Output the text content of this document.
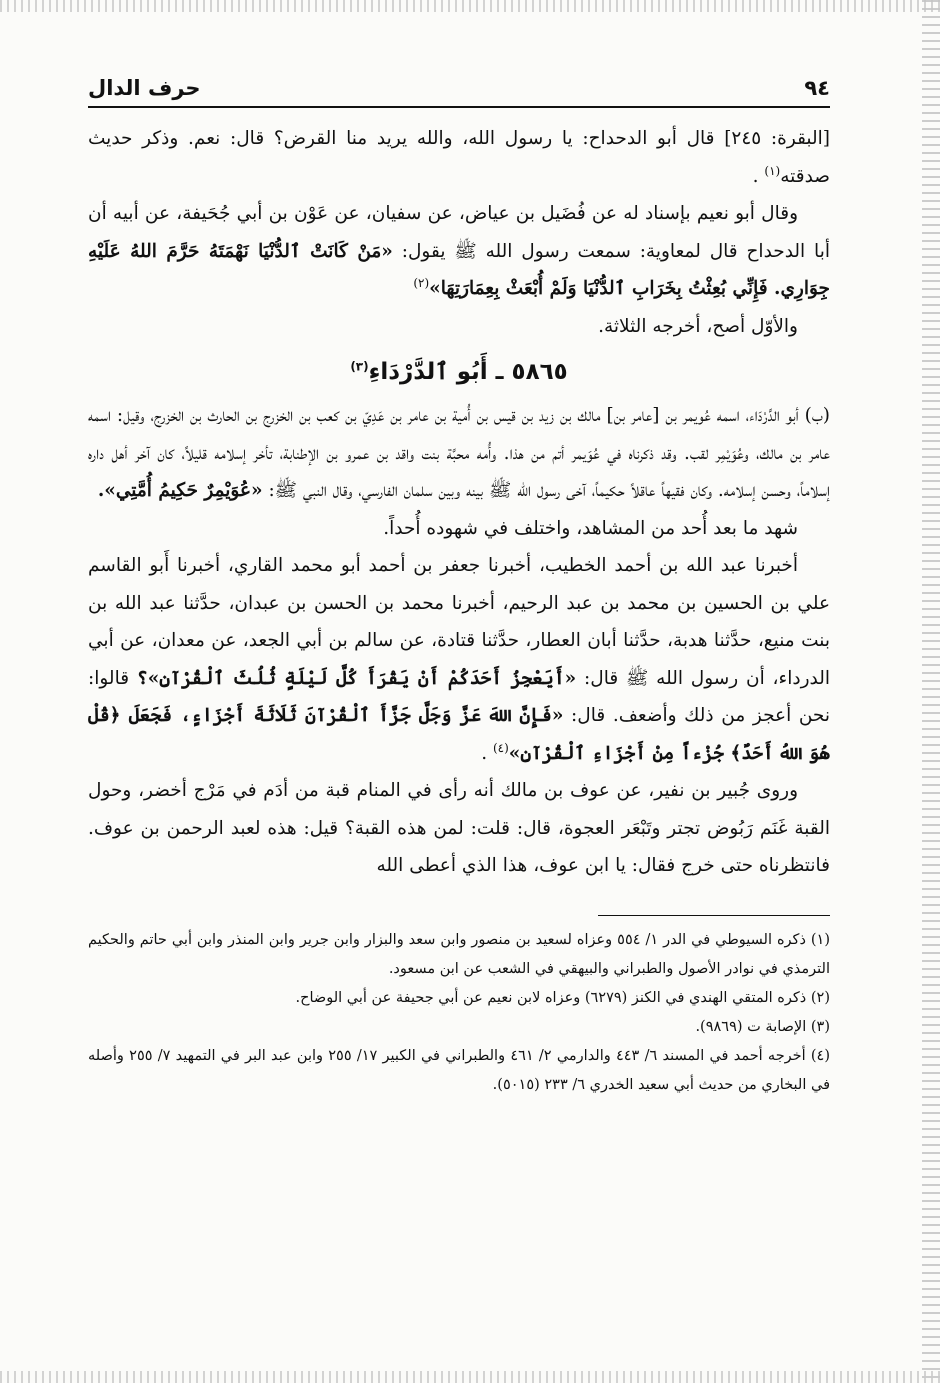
٩٤
حرف الدال

[البقرة: ٢٤٥] قال أبو الدحداح: يا رسول الله، والله يريد منا القرض؟ قال: نعم. وذكر حديث صدقته$^{(١)}$ .

وقال أبو نعيم بإسناد له عن فُضَيل بن عياض، عن سفيان، عن عَوْن بن أبي جُحَيفة، عن أبيه أن أبا الدحداح قال لمعاوية: سمعت رسول الله ﷺ يقول: «مَنْ كَانَتْ ٱلدُّنْيَا نَهْمَتَهُ حَرَّمَ اللهُ عَلَيْهِ جِوَارِي. فَإِنِّي بُعِثْتُ بِخَرَابِ ٱلدُّنْيَا وَلَمْ أُبْعَثْ بِعِمَارَتِهَا»$^{(٢)}$

والأوّل أصح، أخرجه الثلاثة.

٥٨٦٥ ـ أَبُو ٱلدَّرْدَاءِ$^{(٣)}$

(ب) أبو الدَّرْدَاء، اسمه عُويمر بن [عامر بن] مالك بن زيد بن قيس بن أُمية بن عامر بن عَدِيّ بن كعب بن الخزرج بن الحارث بن الخزرج، وقيل: اسمه عامر بن مالك، وعُوَيْمِر لقب. وقد ذكرناه في عُوَيمر أتم من هذا. وأُمه محبَّة بنت واقد بن عمرو بن الإطنابة، تأخر إسلامه قليلاً، كان آخر أهل داره إسلاماً، وحسن إسلامه. وكان فقيهاً عاقلاً حكيماً، آخى رسول الله ﷺ بينه وبين سلمان الفارسي، وقال النبي ﷺ: «عُوَيْمِرٌ حَكِيمُ أُمَّتِي».

شهد ما بعد أُحد من المشاهد، واختلف في شهوده أُحداً.

أخبرنا عبد الله بن أحمد الخطيب، أخبرنا جعفر بن أحمد أبو محمد القاري، أخبرنا أَبو القاسم علي بن الحسين بن محمد بن عبد الرحيم، أخبرنا محمد بن الحسن بن عبدان، حدَّثنا عبد الله بن بنت منيع، حدَّثنا هدبة، حدَّثنا أبان العطار، حدَّثنا قتادة، عن سالم بن أبي الجعد، عن معدان، عن أبي الدرداء، أن رسول الله ﷺ قال: «أَيَعْجِزُ أَحَدَكُمْ أَنْ يَقْرَأَ كُلَّ لَيْلَةٍ ثُلُثَ ٱلْقُرْآنِ»؟ قالوا: نحن أعجز من ذلك وأضعف. قال: «فَإِنَّ اللهَ عَزَّ وَجَلَّ جَزَّأَ ٱلْقُرْآنَ ثَلَاثَةَ أَجْزَاءٍ، فَجَعَلَ ﴿قُلْ هُوَ اللهُ أَحَدٌ﴾ جُزْءاً مِنْ أَجْزَاءِ ٱلْقُرْآنِ»$^{(٤)}$ .

وروى جُبير بن نفير، عن عوف بن مالك أنه رأى في المنام قبة من أدَم في مَرْج أخضر، وحول القبة غَنَم رَبُوض تجتر وتَبْعَر العجوة، قال: قلت: لمن هذه القبة؟ قيل: هذه لعبد الرحمن بن عوف. فانتظرناه حتى خرج فقال: يا ابن عوف، هذا الذي أعطى الله

(١) ذكره السيوطي في الدر ١/ ٥٥٤ وعزاه لسعيد بن منصور وابن سعد والبزار وابن جرير وابن المنذر وابن أبي حاتم والحكيم الترمذي في نوادر الأصول والطبراني والبيهقي في الشعب عن ابن مسعود.

(٢) ذكره المتقي الهندي في الكنز (٦٢٧٩) وعزاه لابن نعيم عن أبي جحيفة عن أبي الوضاح.

(٣) الإصابة ت (٩٨٦٩).

(٤) أخرجه أحمد في المسند ٦/ ٤٤٣ والدارمي ٢/ ٤٦١ والطبراني في الكبير ١٧/ ٢٥٥ وابن عبد البر في التمهيد ٧/ ٢٥٥ وأصله في البخاري من حديث أبي سعيد الخدري ٦/ ٢٣٣ (٥٠١٥).
